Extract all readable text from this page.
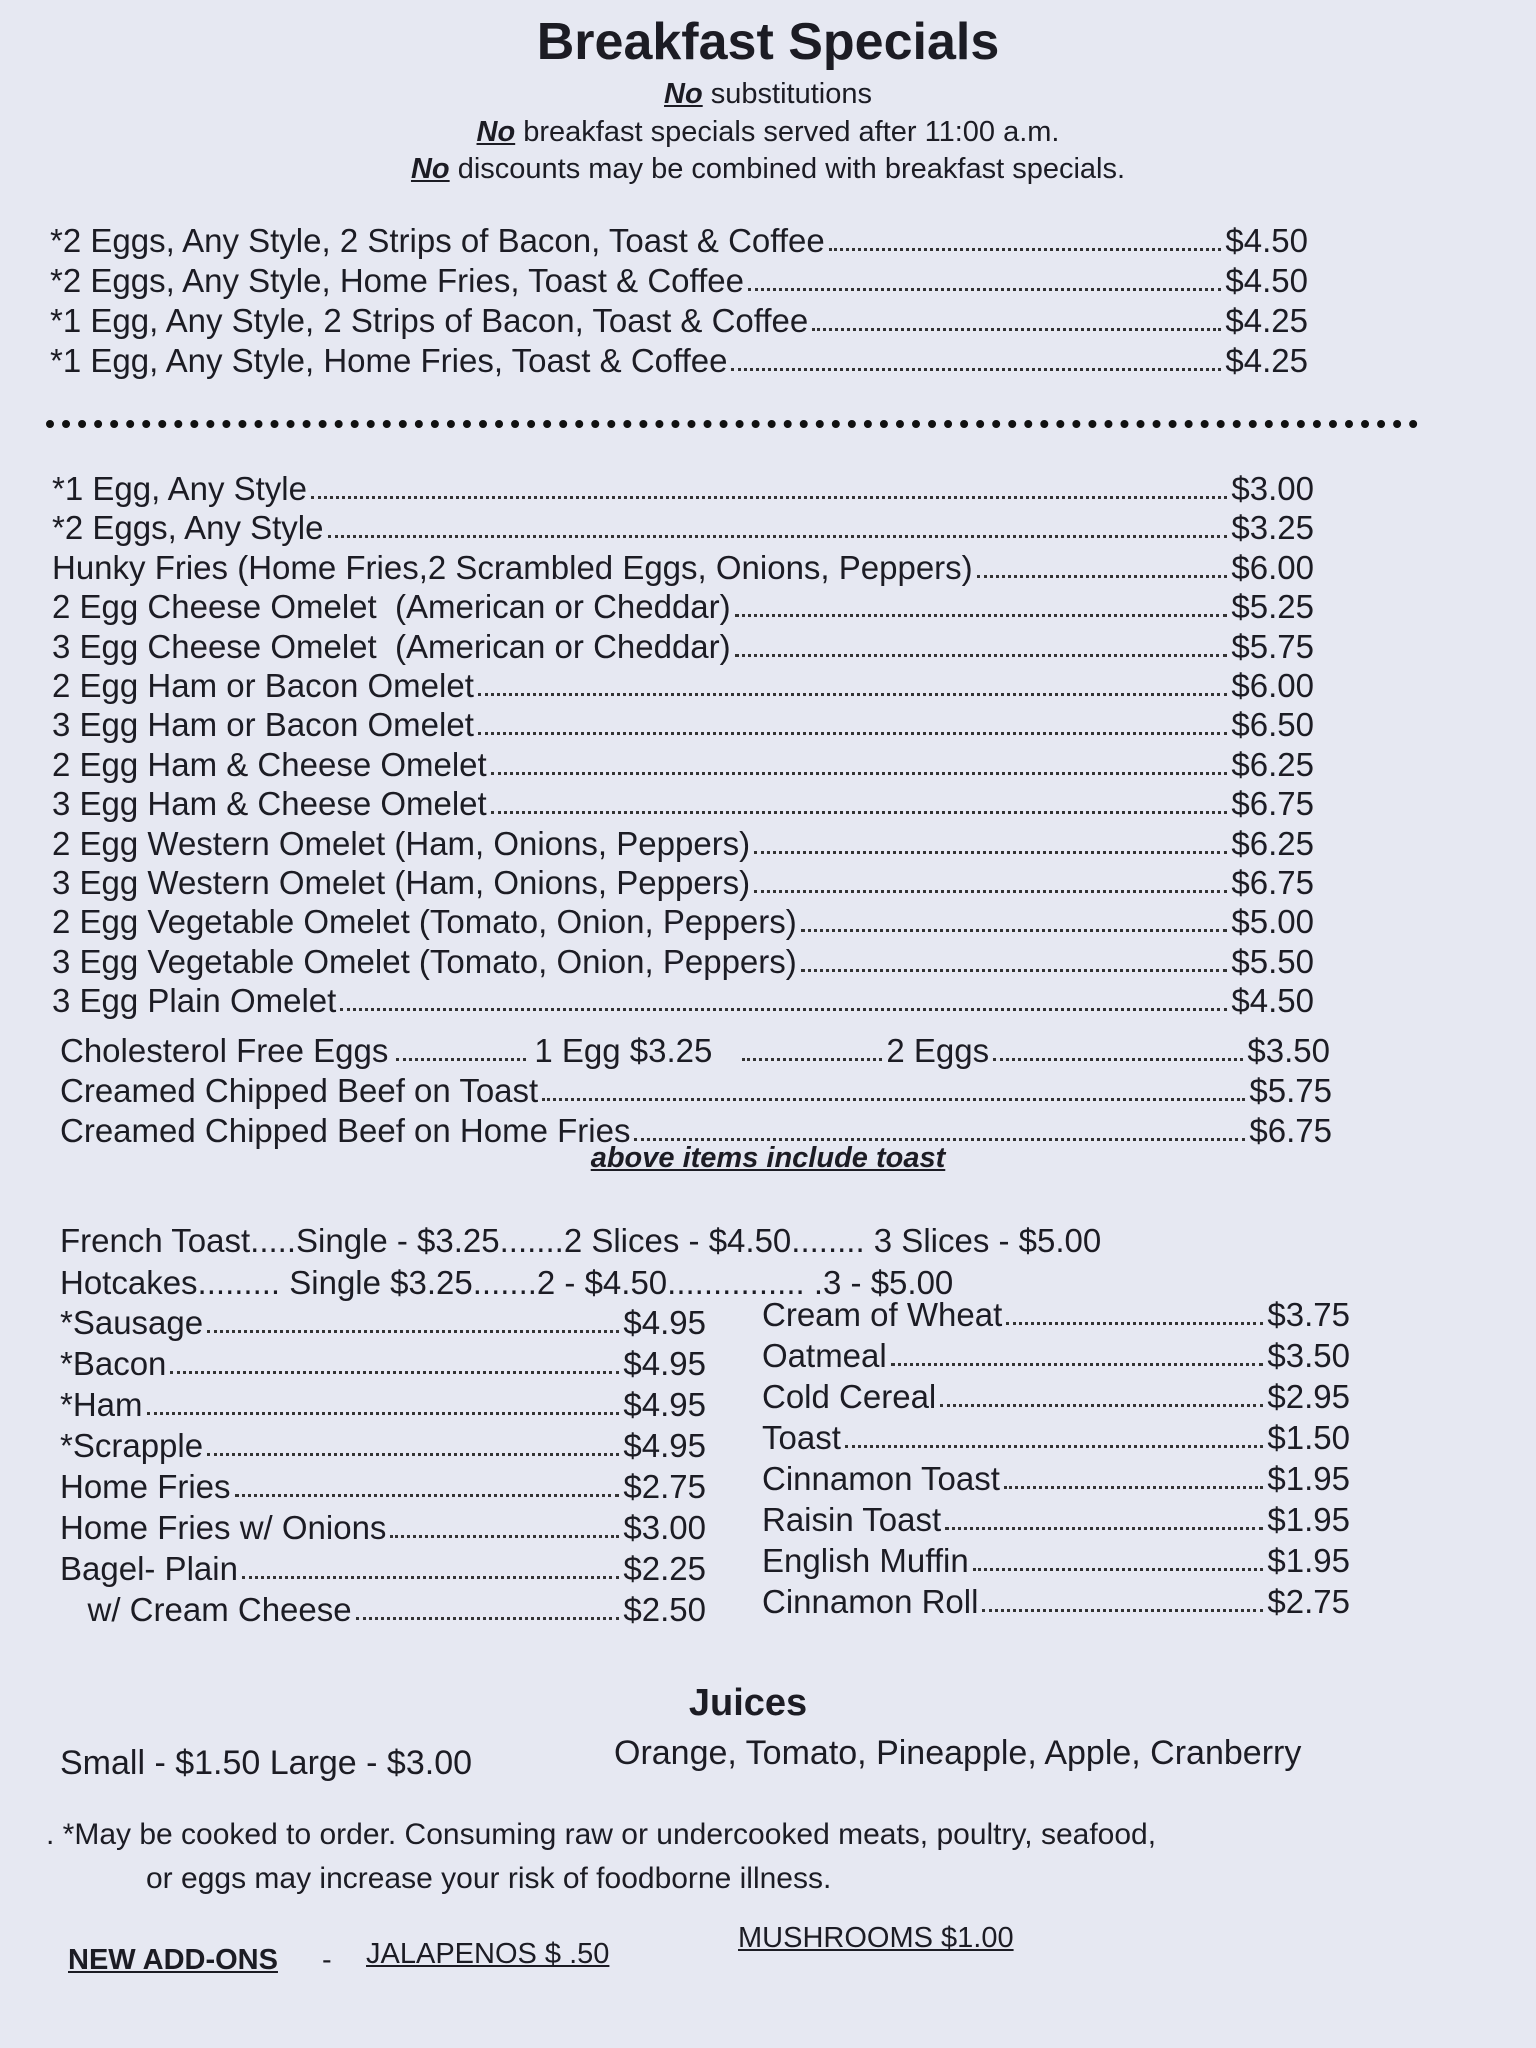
Breakfast Specials
No substitutions
No breakfast specials served after 11:00 a.m.
No discounts may be combined with breakfast specials.
*2 Eggs, Any Style, 2 Strips of Bacon, Toast & Coffee	$4.50
*2 Eggs, Any Style, Home Fries, Toast & Coffee	$4.50
*1 Egg, Any Style, 2 Strips of Bacon, Toast & Coffee	$4.25
*1 Egg, Any Style, Home Fries, Toast & Coffee	$4.25
*1 Egg, Any Style	$3.00
*2 Eggs, Any Style	$3.25
Hunky Fries (Home Fries,2 Scrambled Eggs, Onions, Peppers)	$6.00
2 Egg Cheese Omelet  (American or Cheddar)	$5.25
3 Egg Cheese Omelet  (American or Cheddar)	$5.75
2 Egg Ham or Bacon Omelet	$6.00
3 Egg Ham or Bacon Omelet	$6.50
2 Egg Ham & Cheese Omelet	$6.25
3 Egg Ham & Cheese Omelet	$6.75
2 Egg Western Omelet (Ham, Onions, Peppers)	$6.25
3 Egg Western Omelet (Ham, Onions, Peppers)	$6.75
2 Egg Vegetable Omelet (Tomato, Onion, Peppers)	$5.00
3 Egg Vegetable Omelet (Tomato, Onion, Peppers)	$5.50
3 Egg Plain Omelet	$4.50
Cholesterol Free Eggs	1 Egg $3.25	2 Eggs	$3.50
Creamed Chipped Beef on Toast	$5.75
Creamed Chipped Beef on Home Fries	$6.75
above items include toast
French Toast.....Single - $3.25.......2 Slices - $4.50........ 3 Slices - $5.00
Hotcakes......... Single $3.25.......2 - $4.50............... .3 - $5.00
*Sausage	$4.95
*Bacon	$4.95
*Ham	$4.95
*Scrapple	$4.95
Home Fries	$2.75
Home Fries w/ Onions	$3.00
Bagel- Plain	$2.25
w/ Cream Cheese	$2.50
Cream of Wheat	$3.75
Oatmeal	$3.50
Cold Cereal	$2.95
Toast	$1.50
Cinnamon Toast	$1.95
Raisin Toast	$1.95
English Muffin	$1.95
Cinnamon Roll	$2.75
Juices
Small - $1.50 Large - $3.00	Orange, Tomato, Pineapple, Apple, Cranberry
. *May be cooked to order. Consuming raw or undercooked meats, poultry, seafood,
or eggs may increase your risk of foodborne illness.
NEW ADD-ONS - JALAPENOS $ .50	MUSHROOMS $1.00
